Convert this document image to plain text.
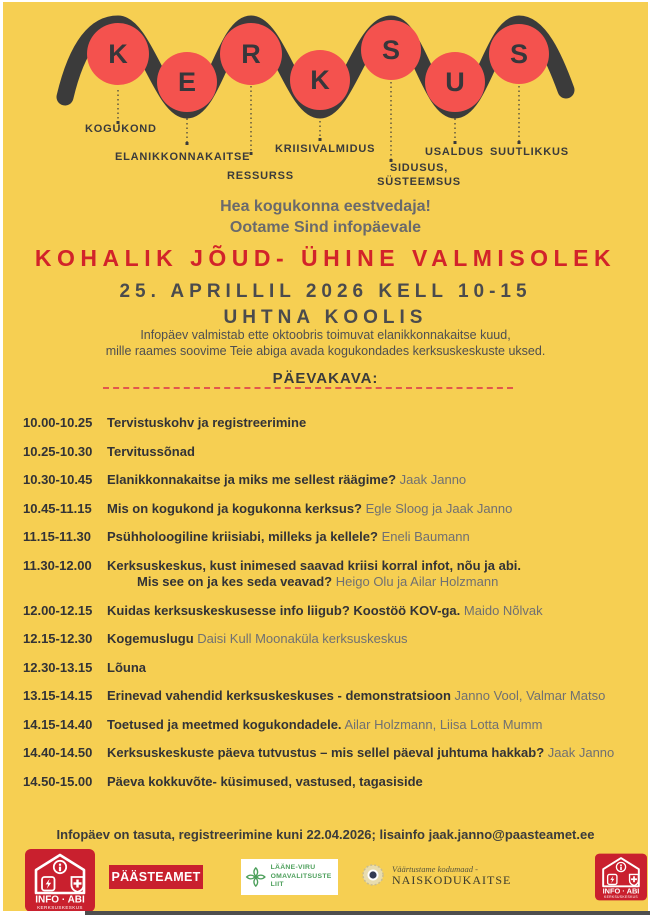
K
E
R
K
S
U
S
KOGUKOND
ELANIKKONNAKAITSE
RESSURSS
KRIISIVALMIDUS
SIDUSUS,
SÜSTEEMSUS
USALDUS SUUTLIKKUS
Hea kogukonna eestvedaja!
Ootame Sind infopäevale
KOHALIK JÕUD- ÜHINE VALMISOLEK
25. APRILLIL 2026 KELL 10-15
UHTNA KOOLIS
Infopäev valmistab ette oktoobris toimuvat elanikkonnakaitse kuud,
mille raames soovime Teie abiga avada kogukondades kerksuskeskuste uksed.
PÄEVAKAVA:
10.00-10.25	Tervistuskohv ja registreerimine
10.25-10.30	Tervitussõnad
10.30-10.45	Elanikkonnakaitse ja miks me sellest räägime? Jaak Janno
10.45-11.15	Mis on kogukond ja kogukonna kerksus? Egle Sloog ja Jaak Janno
11.15-11.30	Psühholoogiline kriisiabi, milleks ja kellele? Eneli Baumann
11.30-12.00	Kerksuskeskus, kust inimesed saavad kriisi korral infot, nõu ja abi.
Mis see on ja kes seda veavad? Heigo Olu ja Ailar Holzmann
12.00-12.15	Kuidas kerksuskeskusesse info liigub? Koostöö KOV-ga. Maido Nõlvak
12.15-12.30	Kogemuslugu Daisi Kull Moonaküla kerksuskeskus
12.30-13.15	Lõuna
13.15-14.15	Erinevad vahendid kerksuskeskuses - demonstratsioon Janno Vool, Valmar Matso
14.15-14.40	Toetused ja meetmed kogukondadele. Ailar Holzmann, Liisa Lotta Mumm
14.40-14.50	Kerksuskeskuste päeva tutvustus – mis sellel päeval juhtuma hakkab? Jaak Janno
14.50-15.00	Päeva kokkuvõte- küsimused, vastused, tagasiside
Infopäev on tasuta, registreerimine kuni 22.04.2026; lisainfo jaak.janno@paasteamet.ee
INFO · ABI
KERKSUSKESKUS
PÄÄSTEAMET
LÄÄNE-VIRU
OMAVALITSUSTE LIIT
Väärtustame kodumaad -
NAISKODUKAITSE
INFO · ABI
KERKSUSKESKUS
